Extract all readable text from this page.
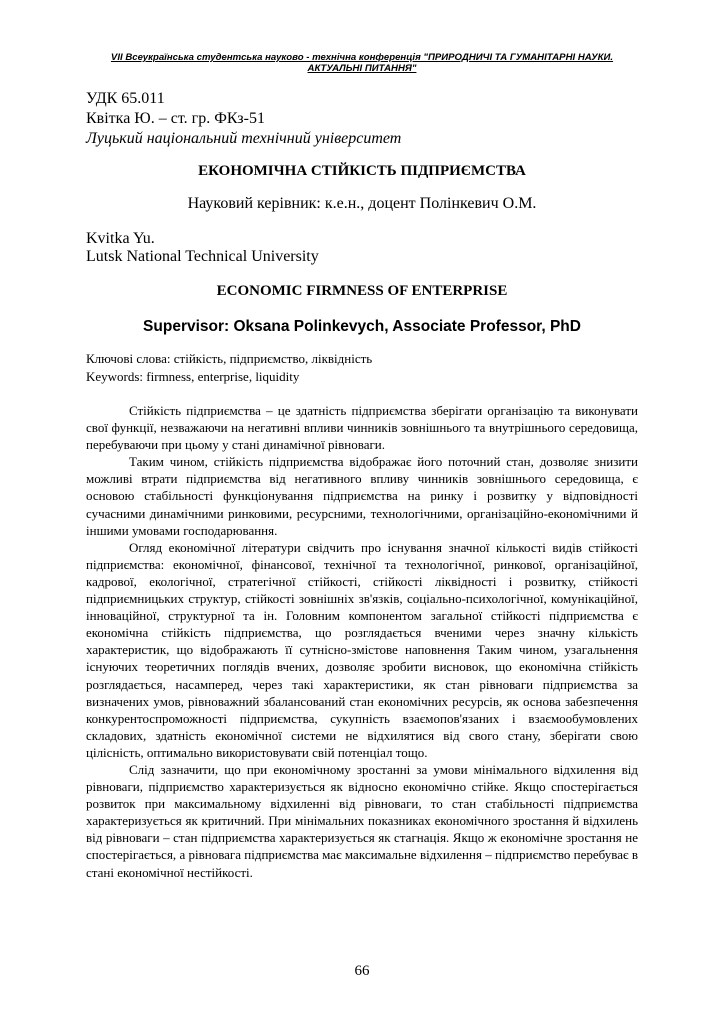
VII Всеукраїнська студентська науково - технічна конференція "ПРИРОДНИЧІ ТА ГУМАНІТАРНІ НАУКИ.
АКТУАЛЬНІ ПИТАННЯ"
УДК 65.011
Квітка Ю. – ст. гр. ФКз-51
Луцький національний технічний університет
ЕКОНОМІЧНА СТІЙКІСТЬ ПІДПРИЄМСТВА
Науковий керівник: к.е.н., доцент Полінкевич О.М.
Kvitka Yu.
Lutsk National Technical University
ECONOMIC FIRMNESS OF ENTERPRISE
Supervisor: Oksana Polinkevych, Associate Professor, PhD
Ключові слова: стійкість, підприємство, ліквідність
Keywords: firmness, enterprise, liquidity

Стійкість підприємства – це здатність підприємства зберігати організацію та виконувати свої функції, незважаючи на негативні впливи чинників зовнішнього та внутрішнього середовища, перебуваючи при цьому у стані динамічної рівноваги.

Таким чином, стійкість підприємства відображає його поточний стан, дозволяє знизити можливі втрати підприємства від негативного впливу чинників зовнішнього середовища, є основою стабільності функціонування підприємства на ринку і розвитку у відповідності сучасними динамічними ринковими, ресурсними, технологічними, організаційно-економічними й іншими умовами господарювання.

Огляд економічної літератури свідчить про існування значної кількості видів стійкості підприємства: економічної, фінансової, технічної та технологічної, ринкової, організаційної, кадрової, екологічної, стратегічної стійкості, стійкості ліквідності і розвитку, стійкості підприємницьких структур, стійкості зовнішніх зв'язків, соціально-психологічної, комунікаційної, інноваційної, структурної та ін. Головним компонентом загальної стійкості підприємства є економічна стійкість підприємства, що розглядається вченими через значну кількість характеристик, що відображають її сутнісно-змістове наповнення Таким чином, узагальнення існуючих теоретичних поглядів вчених, дозволяє зробити висновок, що економічна стійкість розглядається, насамперед, через такі характеристики, як стан рівноваги підприємства за визначених умов, рівноважний збалансований стан економічних ресурсів, як основа забезпечення конкурентоспроможності підприємства, сукупність взаємопов'язаних і взаємообумовлених складових, здатність економічної системи не відхилятися від свого стану, зберігати свою цілісність, оптимально використовувати свій потенціал тощо.

Слід зазначити, що при економічному зростанні за умови мінімального відхилення від рівноваги, підприємство характеризується як відносно економічно стійке. Якщо спостерігається розвиток при максимальному відхиленні від рівноваги, то стан стабільності підприємства характеризується як критичний. При мінімальних показниках економічного зростання й відхилень від рівноваги – стан підприємства характеризується як стагнація. Якщо ж економічне зростання не спостерігається, а рівновага підприємства має максимальне відхилення – підприємство перебуває в стані економічної нестійкості.

66
